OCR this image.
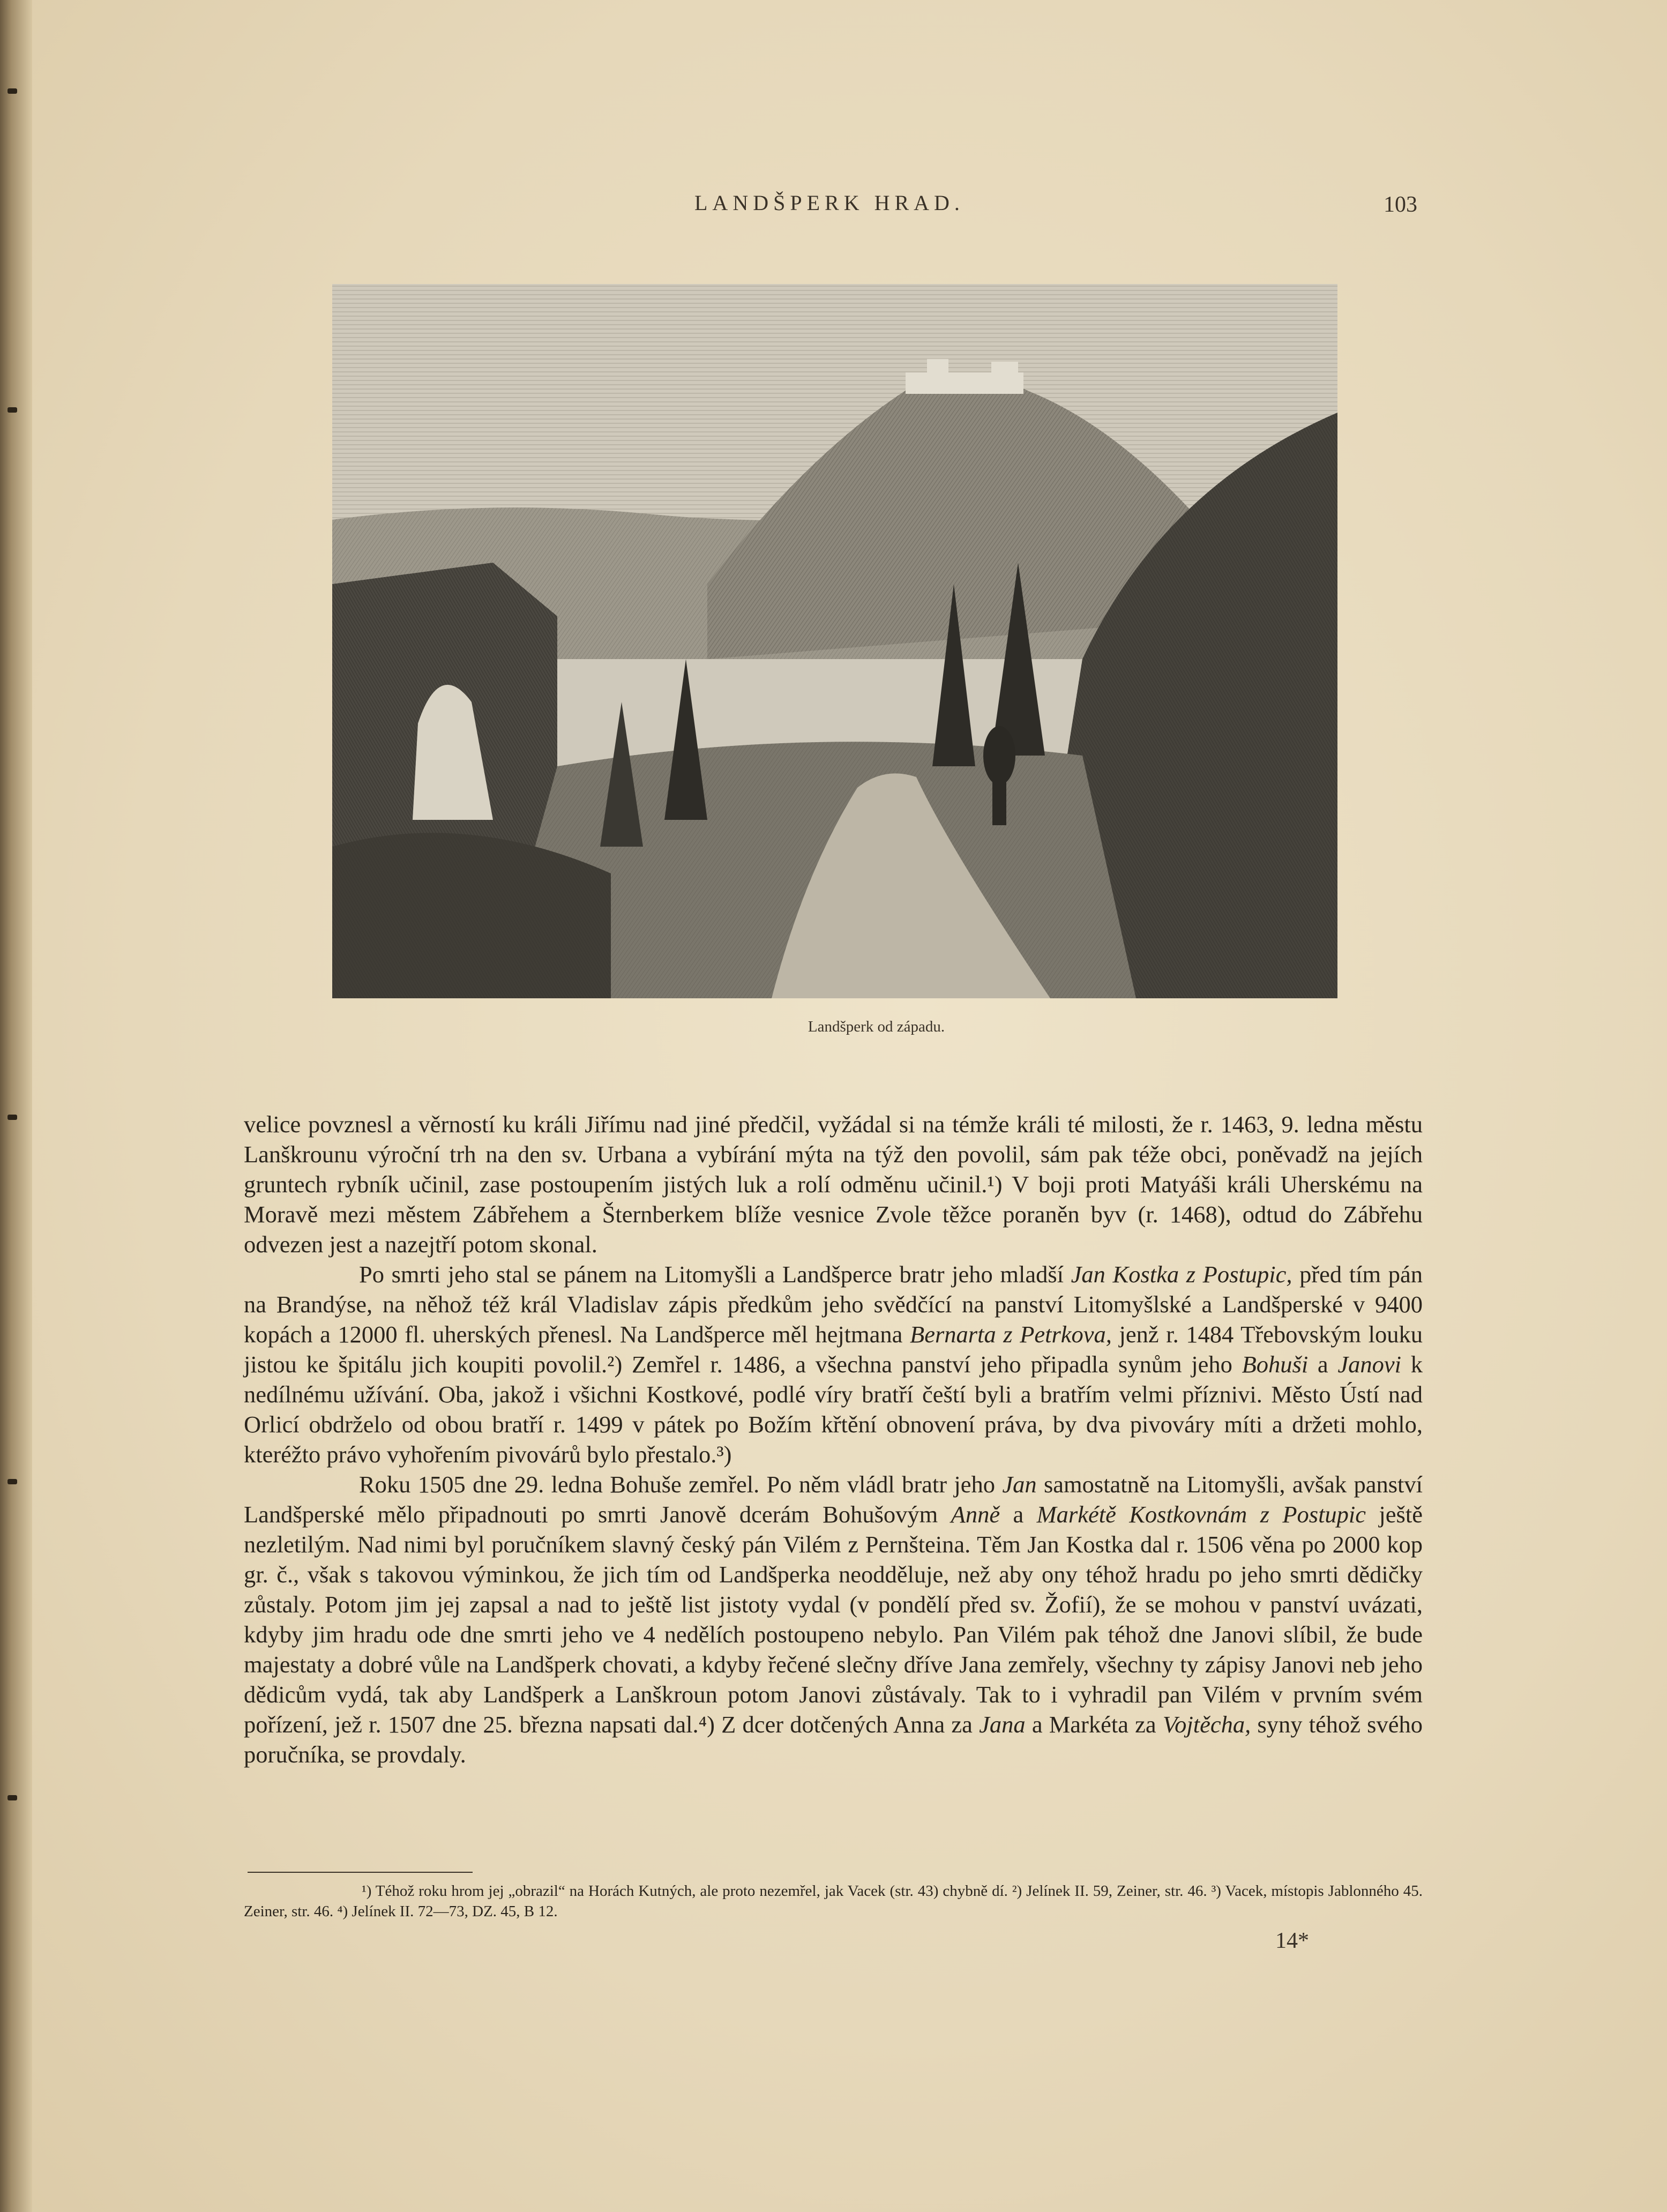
LANDŠPERK HRAD.	103
Landšperk od západu.

velice povznesl a věrností ku králi Jiřímu nad jiné předčil, vyžádal si na témže králi té milosti, že r. 1463, 9. ledna městu Lanškrounu výroční trh na den sv. Urbana a vybírání mýta na týž den povolil, sám pak téže obci, poněvadž na jejích gruntech rybník učinil, zase postoupením jistých luk a rolí odměnu učinil.¹) V boji proti Matyáši králi Uherskému na Moravě mezi městem Zábřehem a Šternberkem blíže vesnice Zvole těžce poraněn byv (r. 1468), odtud do Zábřehu odvezen jest a nazejtří potom skonal.

Po smrti jeho stal se pánem na Litomyšli a Landšperce bratr jeho mladší Jan Kostka z Postupic, před tím pán na Brandýse, na něhož též král Vladislav zápis předkům jeho svědčící na panství Litomyšlské a Landšperské v 9400 kopách a 12000 fl. uherských přenesl. Na Landšperce měl hejtmana Bernarta z Petrkova, jenž r. 1484 Třebovským louku jistou ke špitálu jich koupiti povolil.²) Zemřel r. 1486, a všechna panství jeho připadla synům jeho Bohuši a Janovi k nedílnému užívání. Oba, jakož i všichni Kostkové, podlé víry bratří čeští byli a bratřím velmi příznivi. Město Ústí nad Orlicí obdrželo od obou bratří r. 1499 v pátek po Božím křtění obnovení práva, by dva pivováry míti a držeti mohlo, kteréžto právo vyhořením pivovárů bylo přestalo.³)

Roku 1505 dne 29. ledna Bohuše zemřel. Po něm vládl bratr jeho Jan samostatně na Litomyšli, avšak panství Landšperské mělo připadnouti po smrti Janově dcerám Bohušovým Anně a Markétě Kostkovnám z Postupic ještě nezletilým. Nad nimi byl poručníkem slavný český pán Vilém z Pernšteina. Těm Jan Kostka dal r. 1506 věna po 2000 kop gr. č., však s takovou výminkou, že jich tím od Landšperka neodděluje, než aby ony téhož hradu po jeho smrti dědičky zůstaly. Potom jim jej zapsal a nad to ještě list jistoty vydal (v pondělí před sv. Žofií), že se mohou v panství uvázati, kdyby jim hradu ode dne smrti jeho ve 4 nedělích postoupeno nebylo. Pan Vilém pak téhož dne Janovi slíbil, že bude majestaty a dobré vůle na Landšperk chovati, a kdyby řečené slečny dříve Jana zemřely, všechny ty zápisy Janovi neb jeho dědicům vydá, tak aby Landšperk a Lanškroun potom Janovi zůstávaly. Tak to i vyhradil pan Vilém v prvním svém pořízení, jež r. 1507 dne 25. března napsati dal.⁴) Z dcer dotčených Anna za Jana a Markéta za Vojtěcha, syny téhož svého poručníka, se provdaly.

¹) Téhož roku hrom jej „obrazil“ na Horách Kutných, ale proto nezemřel, jak Vacek (str. 43) chybně dí. ²) Jelínek II. 59, Zeiner, str. 46. ³) Vacek, místopis Jablonného 45. Zeiner, str. 46. ⁴) Jelínek II. 72—73, DZ. 45, B 12.
14*
